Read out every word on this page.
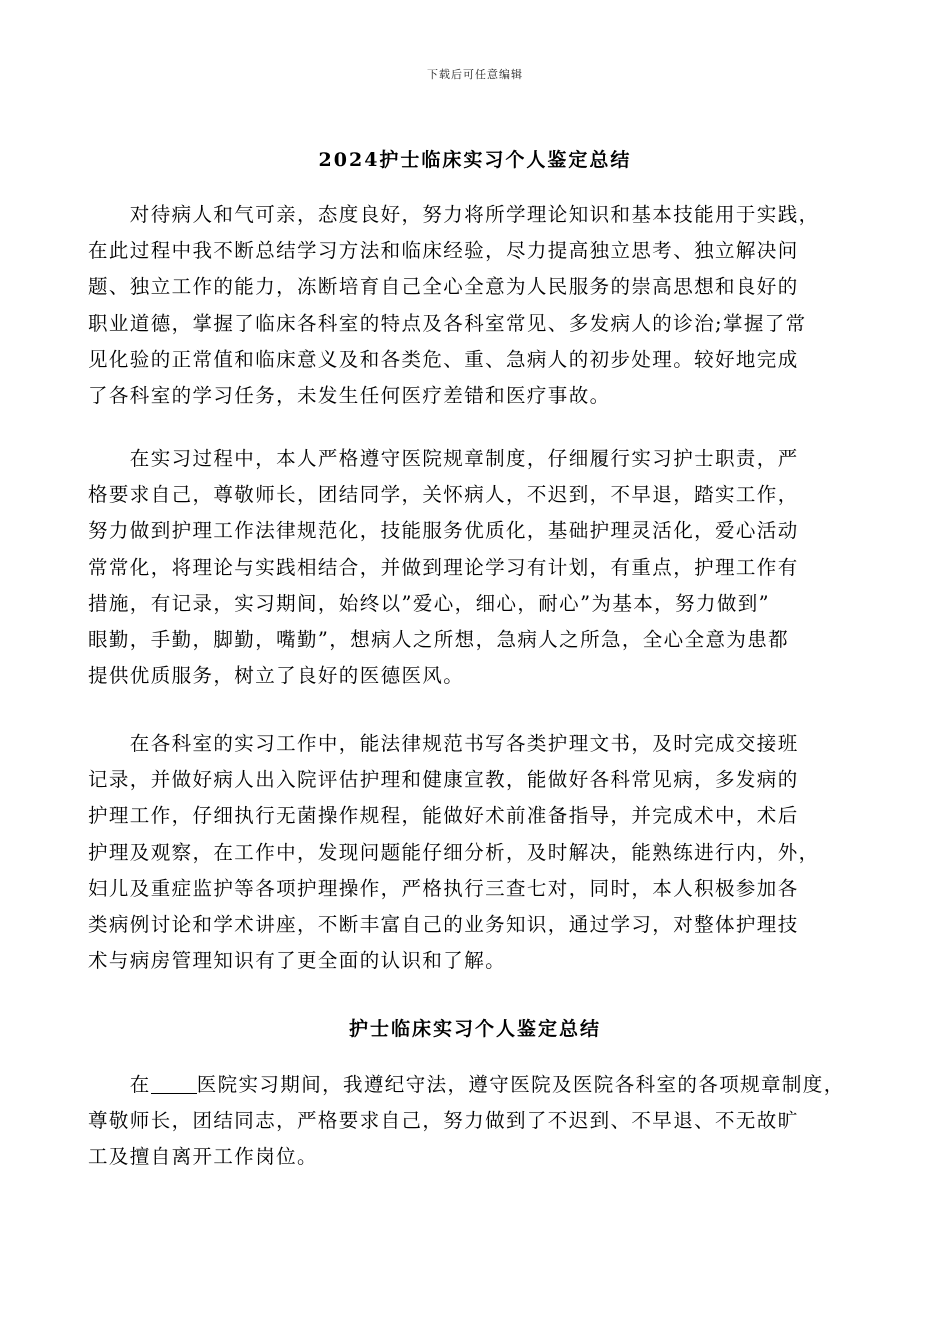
下载后可任意编辑
2024护士临床实习个人鉴定总结
　　对待病人和气可亲，态度良好，努力将所学理论知识和基本技能用于实践，
在此过程中我不断总结学习方法和临床经验，尽力提高独立思考、独立解决问
题、独立工作的能力，冻断培育自己全心全意为人民服务的崇高思想和良好的
职业道德，掌握了临床各科室的特点及各科室常见、多发病人的诊治;掌握了常
见化验的正常值和临床意义及和各类危、重、急病人的初步处理。较好地完成
了各科室的学习任务，未发生任何医疗差错和医疗事故。
　　在实习过程中，本人严格遵守医院规章制度，仔细履行实习护士职责，严
格要求自己，尊敬师长，团结同学，关怀病人，不迟到，不早退，踏实工作，
努力做到护理工作法律规范化，技能服务优质化，基础护理灵活化，爱心活动
常常化，将理论与实践相结合，并做到理论学习有计划，有重点，护理工作有
措施，有记录，实习期间，始终以”爱心，细心，耐心”为基本，努力做到”
眼勤，手勤，脚勤，嘴勤”，想病人之所想，急病人之所急，全心全意为患都
提供优质服务，树立了良好的医德医风。
　　在各科室的实习工作中，能法律规范书写各类护理文书，及时完成交接班
记录，并做好病人出入院评估护理和健康宣教，能做好各科常见病，多发病的
护理工作，仔细执行无菌操作规程，能做好术前准备指导，并完成术中，术后
护理及观察，在工作中，发现问题能仔细分析，及时解决，能熟练进行内，外，
妇儿及重症监护等各项护理操作，严格执行三查七对，同时，本人积极参加各
类病例讨论和学术讲座，不断丰富自己的业务知识，通过学习，对整体护理技
术与病房管理知识有了更全面的认识和了解。
护士临床实习个人鉴定总结
　　在 医院实习期间，我遵纪守法，遵守医院及医院各科室的各项规章制度，
尊敬师长，团结同志，严格要求自己，努力做到了不迟到、不早退、不无故旷
工及擅自离开工作岗位。
